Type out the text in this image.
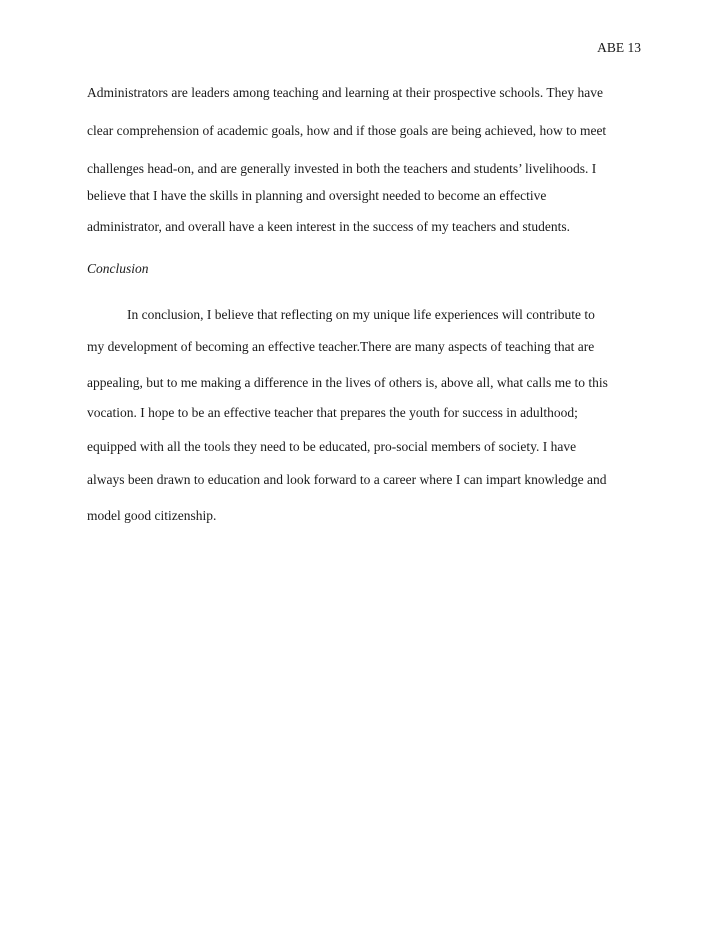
ABE 13
Administrators are leaders among teaching and learning at their prospective schools. They have
clear comprehension of academic goals, how and if those goals are being achieved, how to meet
challenges head-on, and are generally invested in both the teachers and students’ livelihoods. I
believe that I have the skills in planning and oversight needed to become an effective
administrator, and overall have a keen interest in the success of my teachers and students.
Conclusion
In conclusion, I believe that reflecting on my unique life experiences will contribute to
my development of becoming an effective teacher.There are many aspects of teaching that are
appealing, but to me making a difference in the lives of others is, above all, what calls me to this
vocation. I hope to be an effective teacher that prepares the youth for success in adulthood;
equipped with all the tools they need to be educated, pro-social members of society. I have
always been drawn to education and look forward to a career where I can impart knowledge and
model good citizenship.
